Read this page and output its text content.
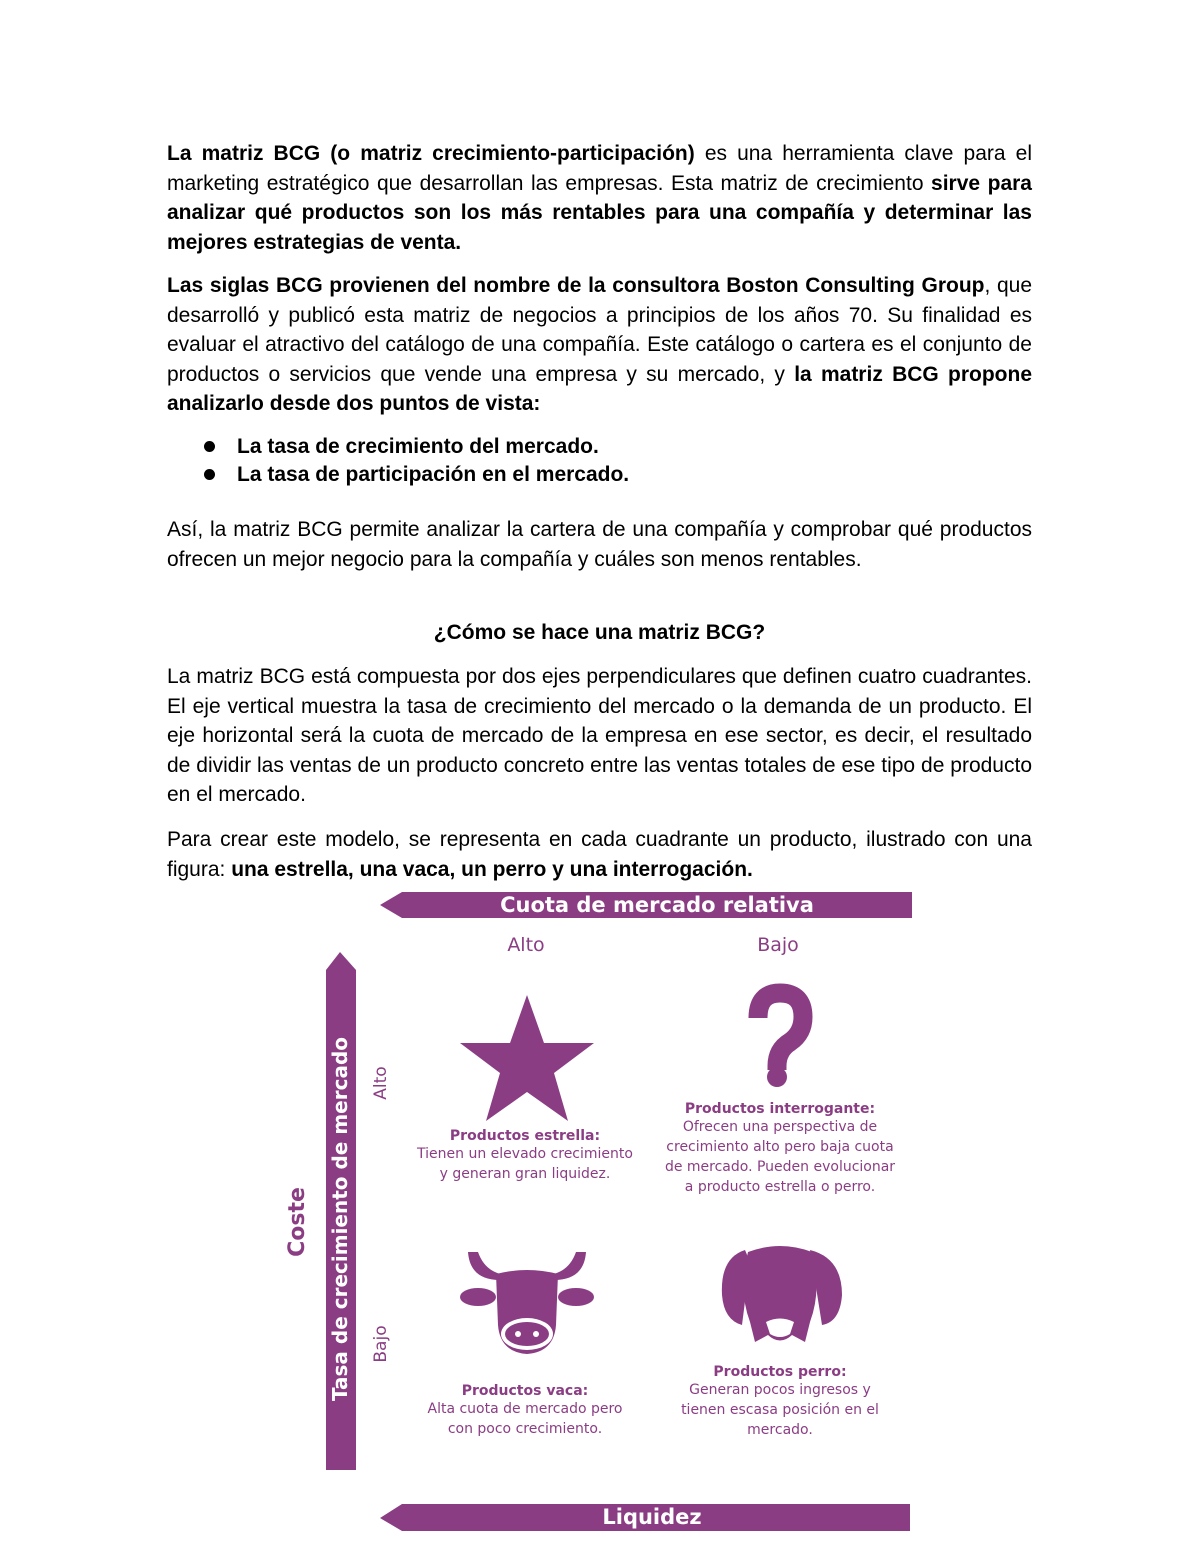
La matriz BCG (o matriz crecimiento-participación) es una herramienta clave para el marketing estratégico que desarrollan las empresas. Esta matriz de crecimiento sirve para analizar qué productos son los más rentables para una compañía y determinar las mejores estrategias de venta.
Las siglas BCG provienen del nombre de la consultora Boston Consulting Group, que desarrolló y publicó esta matriz de negocios a principios de los años 70. Su finalidad es evaluar el atractivo del catálogo de una compañía. Este catálogo o cartera es el conjunto de productos o servicios que vende una empresa y su mercado, y la matriz BCG propone analizarlo desde dos puntos de vista:
La tasa de crecimiento del mercado.
La tasa de participación en el mercado.
Así, la matriz BCG permite analizar la cartera de una compañía y comprobar qué productos ofrecen un mejor negocio para la compañía y cuáles son menos rentables.
¿Cómo se hace una matriz BCG?
La matriz BCG está compuesta por dos ejes perpendiculares que definen cuatro cuadrantes. El eje vertical muestra la tasa de crecimiento del mercado o la demanda de un producto. El eje horizontal será la cuota de mercado de la empresa en ese sector, es decir, el resultado de dividir las ventas de un producto concreto entre las ventas totales de ese tipo de producto en el mercado.
Para crear este modelo, se representa en cada cuadrante un producto, ilustrado con una figura: una estrella, una vaca, un perro y una interrogación.
Cuota de mercado relativa
Liquidez
Alto	Bajo
Tasa de crecimiento de mercado
Coste
Alto
Bajo
Productos estrella:
Tienen un elevado crecimiento
y generan gran liquidez.
Productos interrogante:
Ofrecen una perspectiva de
crecimiento alto pero baja cuota
de mercado. Pueden evolucionar
a producto estrella o perro.
Productos vaca:
Alta cuota de mercado pero
con poco crecimiento.
Productos perro:
Generan pocos ingresos y
tienen escasa posición en el
mercado.
